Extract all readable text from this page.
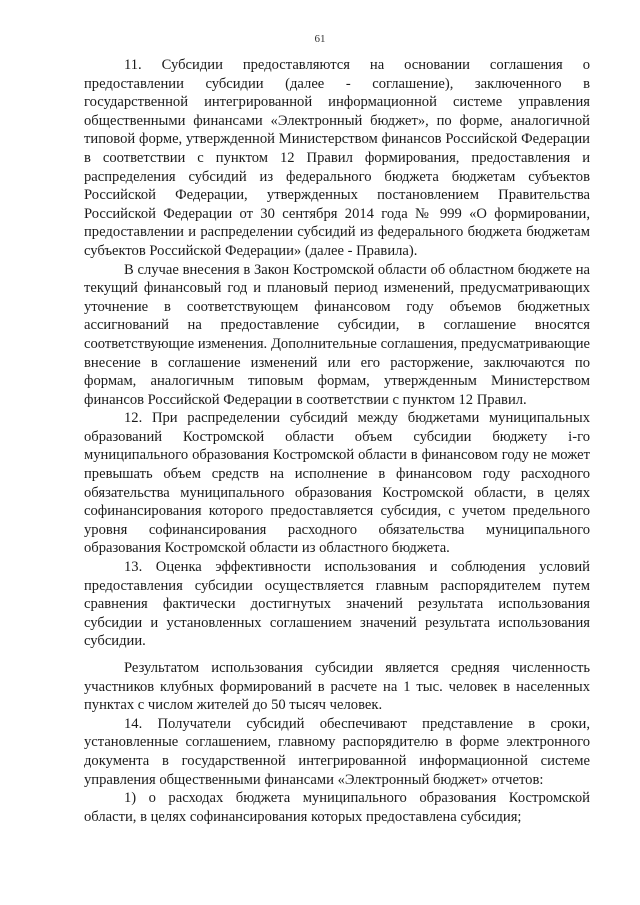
61

11. Субсидии предоставляются на основании соглашения о предоставлении субсидии (далее - соглашение), заключенного в государственной интегрированной информационной системе управления общественными финансами «Электронный бюджет», по форме, аналогичной типовой форме, утвержденной Министерством финансов Российской Федерации в соответствии с пунктом 12 Правил формирования, предоставления и распределения субсидий из федерального бюджета бюджетам субъектов Российской Федерации, утвержденных постановлением Правительства Российской Федерации от 30 сентября 2014 года № 999 «О формировании, предоставлении и распределении субсидий из федерального бюджета бюджетам субъектов Российской Федерации» (далее - Правила).

В случае внесения в Закон Костромской области об областном бюджете на текущий финансовый год и плановый период изменений, предусматривающих уточнение в соответствующем финансовом году объемов бюджетных ассигнований на предоставление субсидии, в соглашение вносятся соответствующие изменения. Дополнительные соглашения, предусматривающие внесение в соглашение изменений или его расторжение, заключаются по формам, аналогичным типовым формам, утвержденным Министерством финансов Российской Федерации в соответствии с пунктом 12 Правил.

12. При распределении субсидий между бюджетами муниципальных образований Костромской области объем субсидии бюджету i-го муниципального образования Костромской области в финансовом году не может превышать объем средств на исполнение в финансовом году расходного обязательства муниципального образования Костромской области, в целях софинансирования которого предоставляется субсидия, с учетом предельного уровня софинансирования расходного обязательства муниципального образования Костромской области из областного бюджета.

13. Оценка эффективности использования и соблюдения условий предоставления субсидии осуществляется главным распорядителем путем сравнения фактически достигнутых значений результата использования субсидии и установленных соглашением значений результата использования субсидии.

Результатом использования субсидии является средняя численность участников клубных формирований в расчете на 1 тыс. человек в населенных пунктах с числом жителей до 50 тысяч человек.

14. Получатели субсидий обеспечивают представление в сроки, установленные соглашением, главному распорядителю в форме электронного документа в государственной интегрированной информационной системе управления общественными финансами «Электронный бюджет» отчетов:

1) о расходах бюджета муниципального образования Костромской области, в целях софинансирования которых предоставлена субсидия;
